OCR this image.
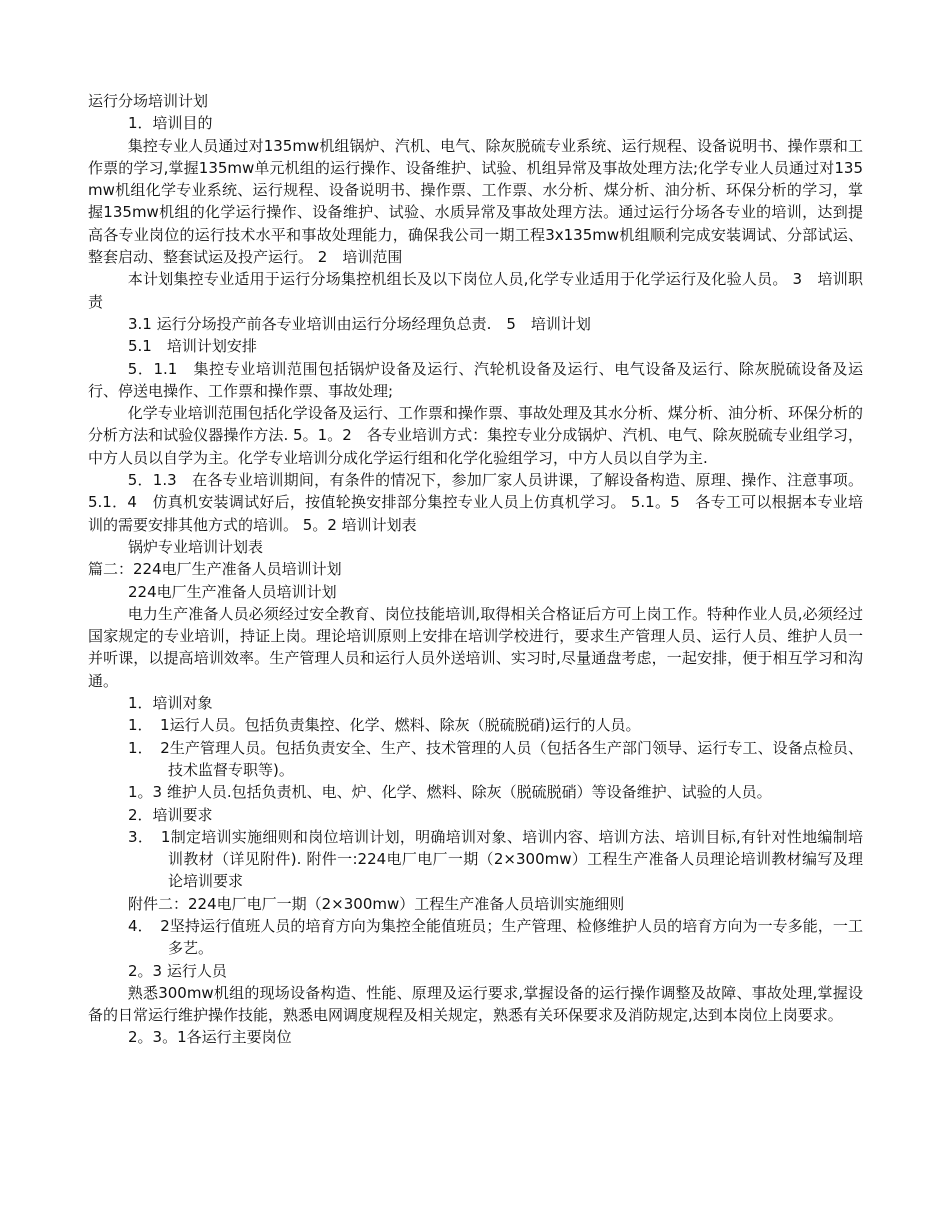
运行分场培训计划

1．培训目的

集控专业人员通过对135mw机组锅炉、汽机、电气、除灰脱硫专业系统、运行规程、设备说明书、操作票和工作票的学习,掌握135mw单元机组的运行操作、设备维护、试验、机组异常及事故处理方法;化学专业人员通过对135mw机组化学专业系统、运行规程、设备说明书、操作票、工作票、水分析、煤分析、油分析、环保分析的学习，掌握135mw机组的化学运行操作、设备维护、试验、水质异常及事故处理方法。通过运行分场各专业的培训，达到提高各专业岗位的运行技术水平和事故处理能力，确保我公司一期工程3x135mw机组顺利完成安装调试、分部试运、整套启动、整套试运及投产运行。 2　培训范围

本计划集控专业适用于运行分场集控机组长及以下岗位人员,化学专业适用于化学运行及化验人员。 3　培训职责

3.1 运行分场投产前各专业培训由运行分场经理负总责.　5　培训计划

5.1　培训计划安排

5．1.1　集控专业培训范围包括锅炉设备及运行、汽轮机设备及运行、电气设备及运行、除灰脱硫设备及运行、停送电操作、工作票和操作票、事故处理;

化学专业培训范围包括化学设备及运行、工作票和操作票、事故处理及其水分析、煤分析、油分析、环保分析的分析方法和试验仪器操作方法. 5。1。2　各专业培训方式：集控专业分成锅炉、汽机、电气、除灰脱硫专业组学习，中方人员以自学为主。化学专业培训分成化学运行组和化学化验组学习，中方人员以自学为主.

5．1.3　在各专业培训期间，有条件的情况下，参加厂家人员讲课，了解设备构造、原理、操作、注意事项。 5.1．4　仿真机安装调试好后，按值轮换安排部分集控专业人员上仿真机学习。 5.1。5　各专工可以根据本专业培训的需要安排其他方式的培训。 5。2 培训计划表

锅炉专业培训计划表

篇二：224电厂生产准备人员培训计划

224电厂生产准备人员培训计划

电力生产准备人员必须经过安全教育、岗位技能培训,取得相关合格证后方可上岗工作。特种作业人员,必须经过国家规定的专业培训，持证上岗。理论培训原则上安排在培训学校进行，要求生产管理人员、运行人员、维护人员一并听课，以提高培训效率。生产管理人员和运行人员外送培训、实习时,尽量通盘考虑，一起安排，便于相互学习和沟通。

1．培训对象

1．　1运行人员。包括负责集控、化学、燃料、除灰（脱硫脱硝)运行的人员。

1．　2生产管理人员。包括负责安全、生产、技术管理的人员（包括各生产部门领导、运行专工、设备点检员、技术监督专职等)。

1。3 维护人员.包括负责机、电、炉、化学、燃料、除灰（脱硫脱硝）等设备维护、试验的人员。

2．培训要求

3．　1制定培训实施细则和岗位培训计划，明确培训对象、培训内容、培训方法、培训目标,有针对性地编制培训教材（详见附件). 附件一:224电厂电厂一期（2×300mw）工程生产准备人员理论培训教材编写及理论培训要求

附件二：224电厂电厂一期（2×300mw）工程生产准备人员培训实施细则

4．　2坚持运行值班人员的培育方向为集控全能值班员；生产管理、检修维护人员的培育方向为一专多能，一工多艺。

2。3 运行人员

熟悉300mw机组的现场设备构造、性能、原理及运行要求,掌握设备的运行操作调整及故障、事故处理,掌握设备的日常运行维护操作技能，熟悉电网调度规程及相关规定，熟悉有关环保要求及消防规定,达到本岗位上岗要求。

2。3。1各运行主要岗位
